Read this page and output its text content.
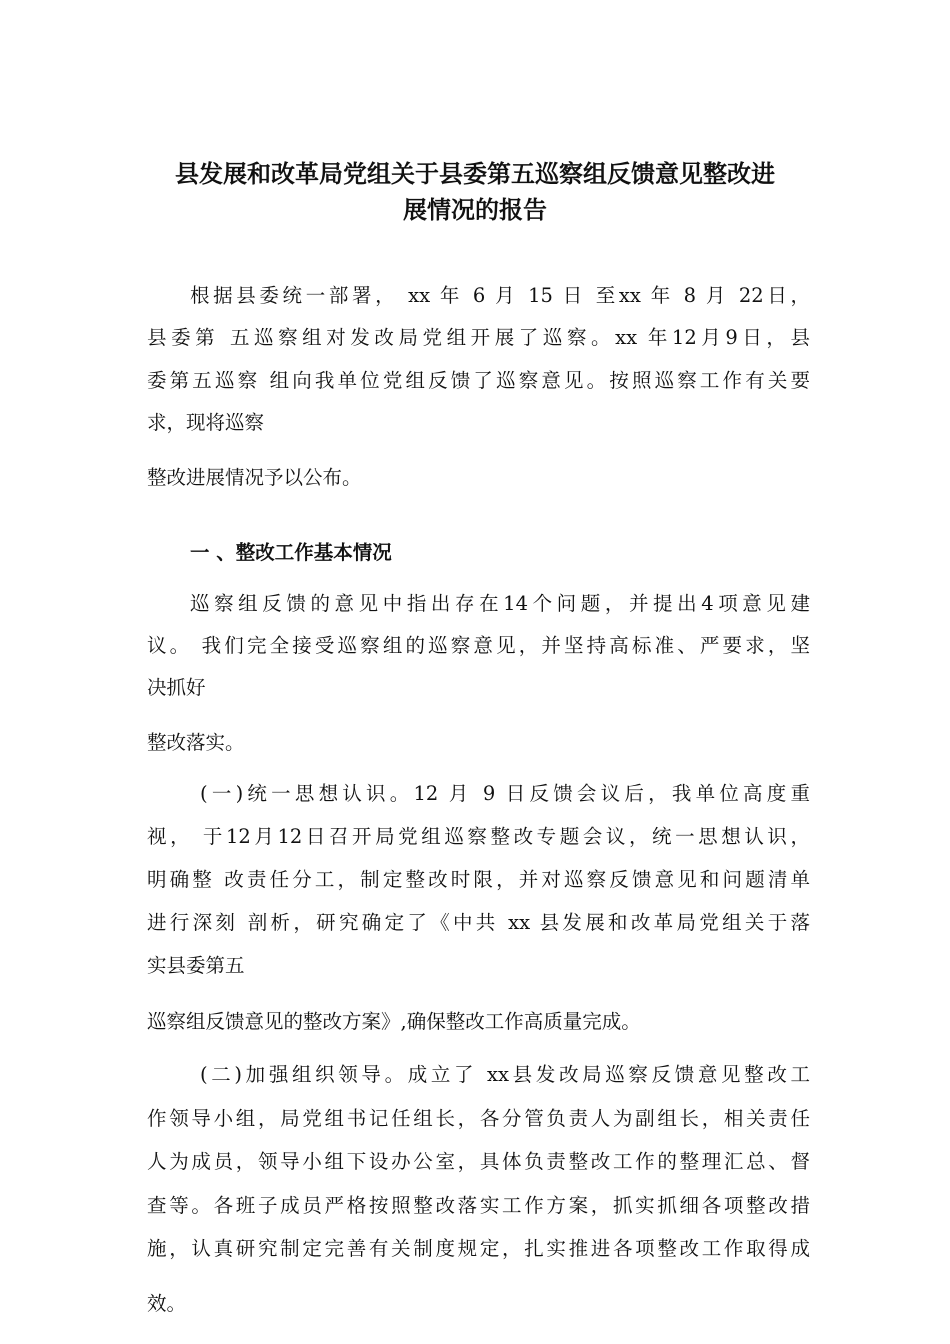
县发展和改革局党组关于县委第五巡察组反馈意见整改进
展情况的报告

根据县委统一部署， xx 年 6 月 15 日 至xx 年 8 月 22日，

县委第 五巡察组对发改局党组开展了巡察。xx 年12月9日，县

委第五巡察 组向我单位党组反馈了巡察意见。按照巡察工作有关要

求，现将巡察

整改进展情况予以公布。

一 、整改工作基本情况

巡察组反馈的意见中指出存在14个问题，并提出4项意见建

议。 我们完全接受巡察组的巡察意见，并坚持高标准、严要求，坚

决抓好

整改落实。

(一)统一思想认识。12 月 9 日反馈会议后，我单位高度重

视， 于12月12日召开局党组巡察整改专题会议，统一思想认识，

明确整 改责任分工，制定整改时限，并对巡察反馈意见和问题清单

进行深刻 剖析，研究确定了《中共 xx 县发展和改革局党组关于落

实县委第五

巡察组反馈意见的整改方案》,确保整改工作高质量完成。

(二)加强组织领导。成立了 xx县发改局巡察反馈意见整改工

作领导小组，局党组书记任组长，各分管负责人为副组长，相关责任

人为成员，领导小组下设办公室，具体负责整改工作的整理汇总、督

查等。各班子成员严格按照整改落实工作方案，抓实抓细各项整改措

施，认真研究制定完善有关制度规定，扎实推进各项整改工作取得成

效。
